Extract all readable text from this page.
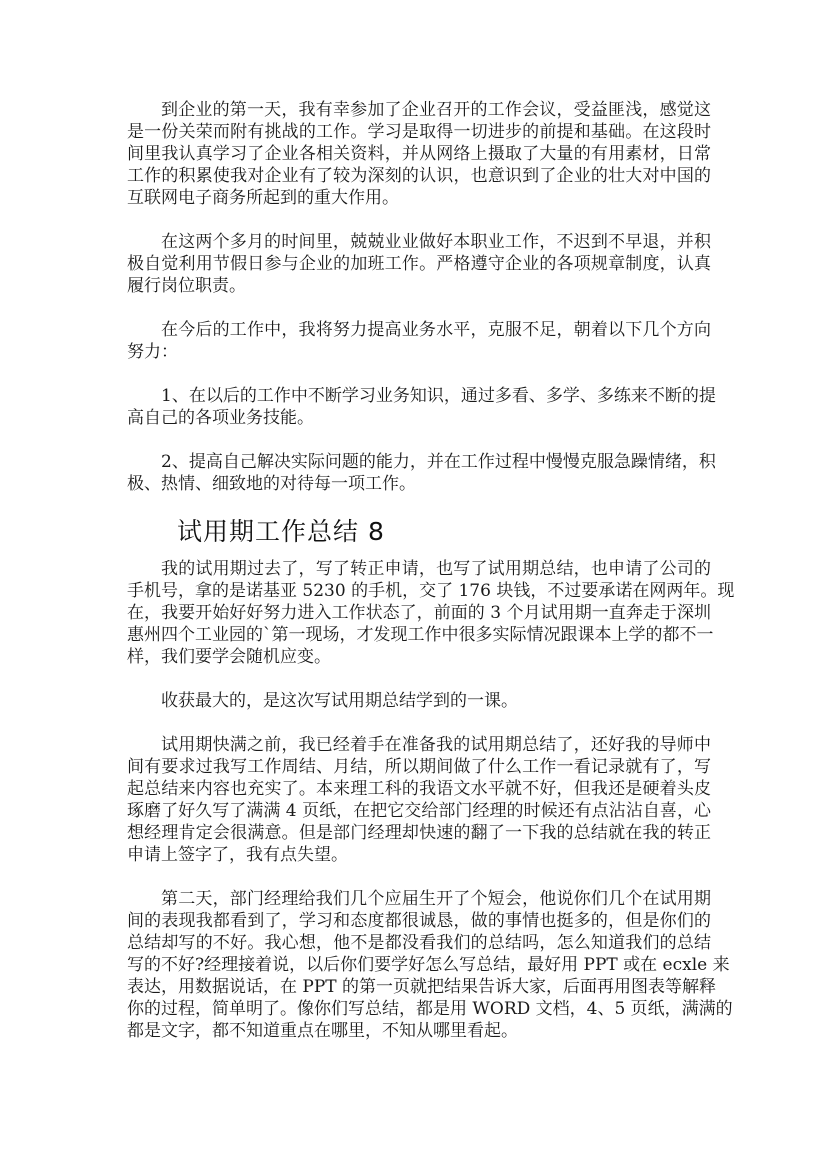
到企业的第一天，我有幸参加了企业召开的工作会议，受益匪浅，感觉这
是一份关荣而附有挑战的工作。学习是取得一切进步的前提和基础。在这段时
间里我认真学习了企业各相关资料，并从网络上摄取了大量的有用素材，日常
工作的积累使我对企业有了较为深刻的认识，也意识到了企业的壮大对中国的
互联网电子商务所起到的重大作用。
在这两个多月的时间里，兢兢业业做好本职业工作，不迟到不早退，并积
极自觉利用节假日参与企业的加班工作。严格遵守企业的各项规章制度，认真
履行岗位职责。
在今后的工作中，我将努力提高业务水平，克服不足，朝着以下几个方向
努力：
1、在以后的工作中不断学习业务知识，通过多看、多学、多练来不断的提
高自己的各项业务技能。
2、提高自己解决实际问题的能力，并在工作过程中慢慢克服急躁情绪，积
极、热情、细致地的对待每一项工作。
试用期工作总结 8
我的试用期过去了，写了转正申请，也写了试用期总结，也申请了公司的
手机号，拿的是诺基亚 5230 的手机，交了 176 块钱，不过要承诺在网两年。现
在，我要开始好好努力进入工作状态了，前面的 3 个月试用期一直奔走于深圳
惠州四个工业园的`第一现场，才发现工作中很多实际情况跟课本上学的都不一
样，我们要学会随机应变。
收获最大的，是这次写试用期总结学到的一课。
试用期快满之前，我已经着手在准备我的试用期总结了，还好我的导师中
间有要求过我写工作周结、月结，所以期间做了什么工作一看记录就有了，写
起总结来内容也充实了。本来理工科的我语文水平就不好，但我还是硬着头皮
琢磨了好久写了满满 4 页纸，在把它交给部门经理的时候还有点沾沾自喜，心
想经理肯定会很满意。但是部门经理却快速的翻了一下我的总结就在我的转正
申请上签字了，我有点失望。
第二天，部门经理给我们几个应届生开了个短会，他说你们几个在试用期
间的表现我都看到了，学习和态度都很诚恳，做的事情也挺多的，但是你们的
总结却写的不好。我心想，他不是都没看我们的总结吗，怎么知道我们的总结
写的不好?经理接着说，以后你们要学好怎么写总结，最好用 PPT 或在 ecxle 来
表达，用数据说话，在 PPT 的第一页就把结果告诉大家，后面再用图表等解释
你的过程，简单明了。像你们写总结，都是用 WORD 文档，4、5 页纸，满满的
都是文字，都不知道重点在哪里，不知从哪里看起。
